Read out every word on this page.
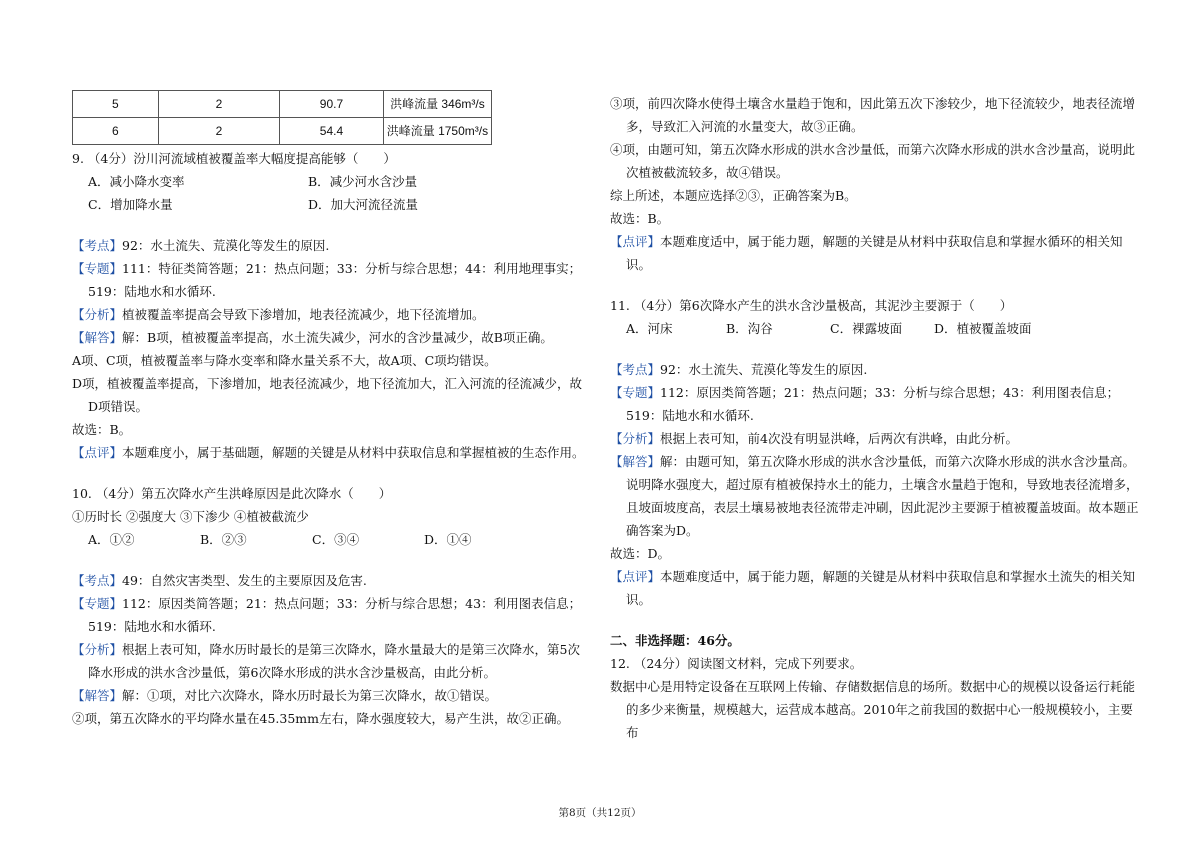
5	2	90.7	洪峰流量 346m³/s
6	2	54.4	洪峰流量 1750m³/s

9. （4分）汾川河流域植被覆盖率大幅度提高能够（　　）

A．减小降水变率	B．减少河水含沙量
C．增加降水量	D．加大河流径流量

【考点】92：水土流失、荒漠化等发生的原因.

【专题】111：特征类简答题；21：热点问题；33：分析与综合思想；44：利用地理事实；519：陆地水和水循环.

【分析】植被覆盖率提高会导致下渗增加，地表径流减少，地下径流增加。

【解答】解：B项，植被覆盖率提高，水土流失减少，河水的含沙量减少，故B项正确。

A项、C项，植被覆盖率与降水变率和降水量关系不大，故A项、C项均错误。

D项，植被覆盖率提高，下渗增加，地表径流减少，地下径流加大，汇入河流的径流减少，故D项错误。

故选：B。

【点评】本题难度小，属于基础题，解题的关键是从材料中获取信息和掌握植被的生态作用。

10. （4分）第五次降水产生洪峰原因是此次降水（　　）

①历时长 ②强度大 ③下渗少 ④植被截流少

A．①②	B．②③	C．③④	D．①④

【考点】49：自然灾害类型、发生的主要原因及危害.

【专题】112：原因类简答题；21：热点问题；33：分析与综合思想；43：利用图表信息；519：陆地水和水循环.

【分析】根据上表可知，降水历时最长的是第三次降水，降水量最大的是第三次降水，第5次降水形成的洪水含沙量低，第6次降水形成的洪水含沙量极高，由此分析。

【解答】解：①项，对比六次降水，降水历时最长为第三次降水，故①错误。

②项，第五次降水的平均降水量在45.35mm左右，降水强度较大，易产生洪，故②正确。

③项，前四次降水使得土壤含水量趋于饱和，因此第五次下渗较少，地下径流较少，地表径流增多，导致汇入河流的水量变大，故③正确。

④项，由题可知，第五次降水形成的洪水含沙量低，而第六次降水形成的洪水含沙量高，说明此次植被截流较多，故④错误。

综上所述，本题应选择②③，正确答案为B。

故选：B。

【点评】本题难度适中，属于能力题，解题的关键是从材料中获取信息和掌握水循环的相关知识。

11. （4分）第6次降水产生的洪水含沙量极高，其泥沙主要源于（　　）

A．河床	B．沟谷	C．裸露坡面	D．植被覆盖坡面

【考点】92：水土流失、荒漠化等发生的原因.

【专题】112：原因类简答题；21：热点问题；33：分析与综合思想；43：利用图表信息；519：陆地水和水循环.

【分析】根据上表可知，前4次没有明显洪峰，后两次有洪峰，由此分析。

【解答】解：由题可知，第五次降水形成的洪水含沙量低，而第六次降水形成的洪水含沙量高。说明降水强度大，超过原有植被保持水土的能力，土壤含水量趋于饱和，导致地表径流增多，且坡面坡度高，表层土壤易被地表径流带走冲刷，因此泥沙主要源于植被覆盖坡面。故本题正确答案为D。

故选：D。

【点评】本题难度适中，属于能力题，解题的关键是从材料中获取信息和掌握水土流失的相关知识。

二、非选择题：46分。

12. （24分）阅读图文材料，完成下列要求。

数据中心是用特定设备在互联网上传输、存储数据信息的场所。数据中心的规模以设备运行耗能的多少来衡量，规模越大，运营成本越高。2010年之前我国的数据中心一般规模较小，主要布

第8页（共12页）
